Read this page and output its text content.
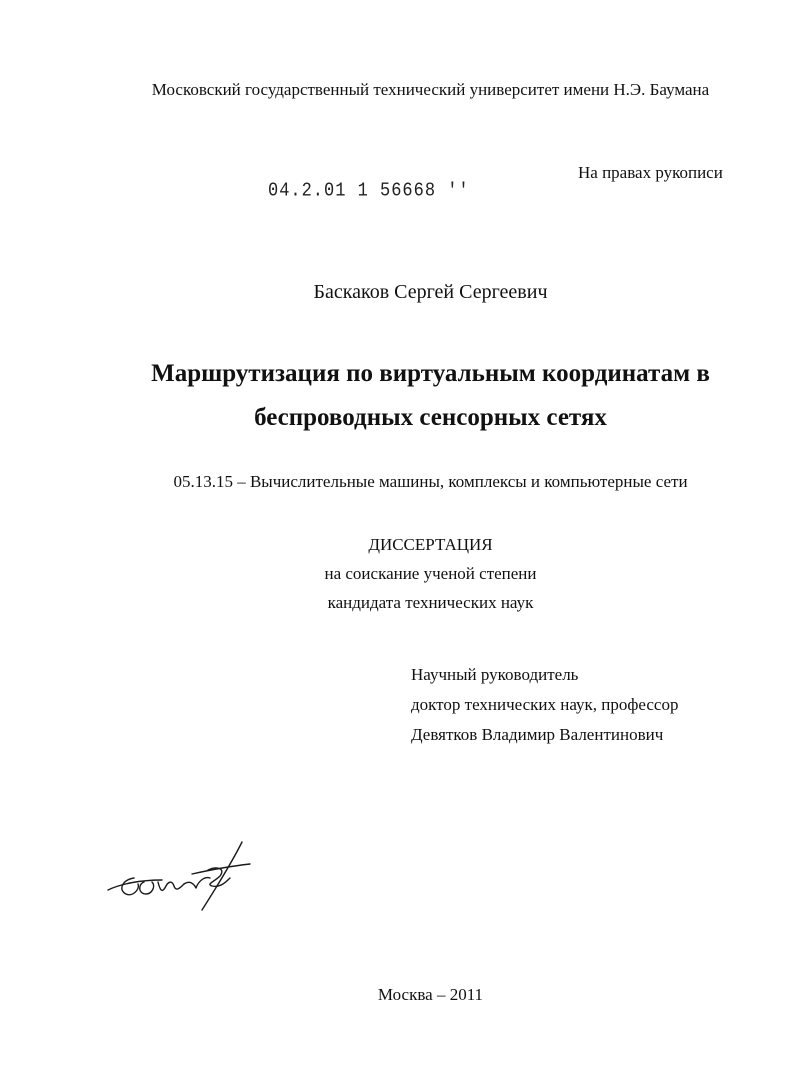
Московский государственный технический университет имени Н.Э. Баумана
На правах рукописи
04.2.01 1 56668 ''
Баскаков Сергей Сергеевич
Маршрутизация по виртуальным координатам в
беспроводных сенсорных сетях
05.13.15 – Вычислительные машины, комплексы и компьютерные сети
ДИССЕРТАЦИЯ
на соискание ученой степени
кандидата технических наук
Научный руководитель
доктор технических наук, профессор
Девятков Владимир Валентинович
Москва – 2011
